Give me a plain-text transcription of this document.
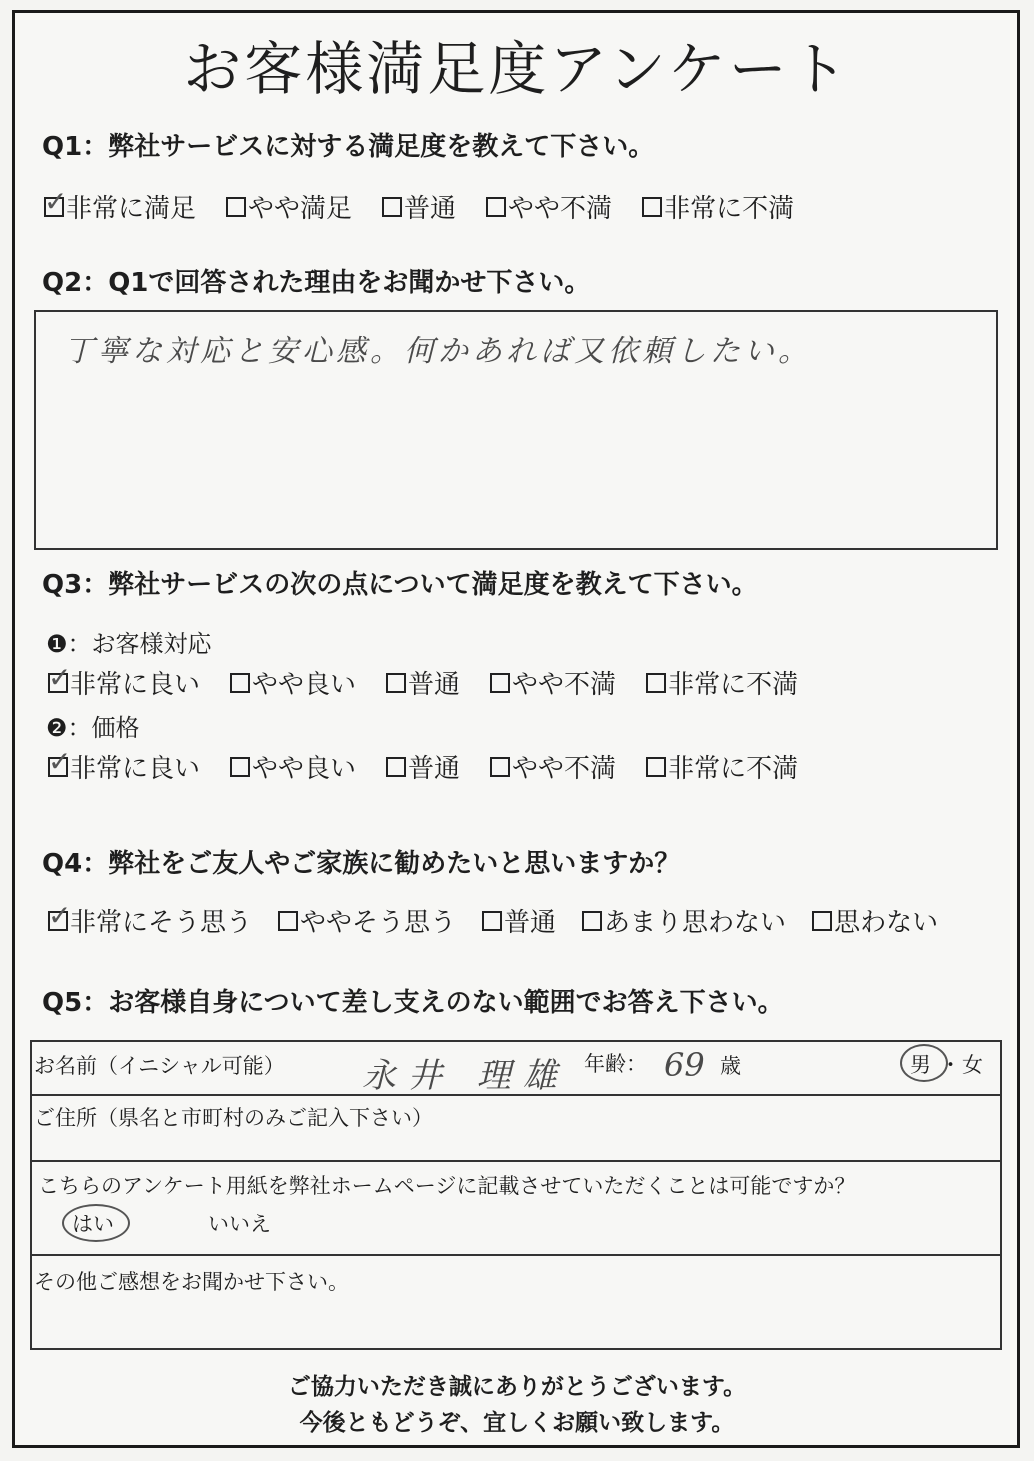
お客様満足度アンケート
Q1：弊社サービスに対する満足度を教えて下さい。
✓
非常に満足 やや満足 普通 やや不満 非常に不満
Q2：Q1で回答された理由をお聞かせ下さい。
丁寧な対応と安心感。何かあれば又依頼したい。
Q3：弊社サービスの次の点について満足度を教えて下さい。
❶：お客様対応
✓
非常に良い やや良い 普通 やや不満 非常に不満
❷：価格
✓
非常に良い やや良い 普通 やや不満 非常に不満
Q4：弊社をご友人やご家族に勧めたいと思いますか？
✓
非常にそう思う ややそう思う 普通 あまり思わない 思わない
Q5：お客様自身について差し支えのない範囲でお答え下さい。
お名前（イニシャル可能） 永井 理雄 年齢： 69 歳	男 ・ 女
ご住所（県名と市町村のみご記入下さい）
こちらのアンケート用紙を弊社ホームページに記載させていただくことは可能ですか？
はい	いいえ
その他ご感想をお聞かせ下さい。
ご協力いただき誠にありがとうございます。
今後ともどうぞ、宜しくお願い致します。
